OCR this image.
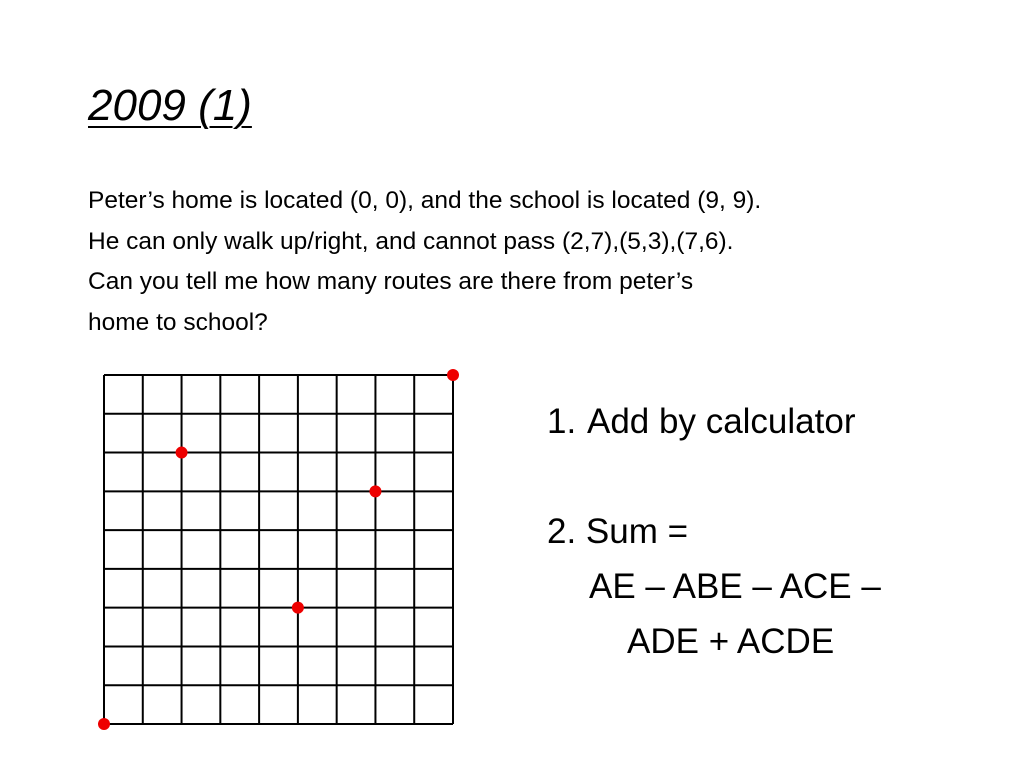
2009 (1)
Peter’s home is located (0, 0), and the school is located (9, 9).
He can only walk up/right, and cannot pass (2,7),(5,3),(7,6).
Can you tell me how many routes are there from peter’s
home to school?
1. Add by calculator
2. Sum =
AE – ABE – ACE –
ADE + ACDE
